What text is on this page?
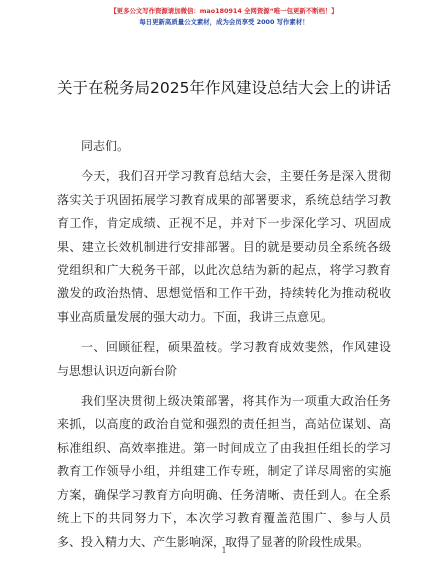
【更多公文写作资源请加微信：mao180914 全网资源“唯一包更新不断档！】
每日更新高质量公文素材，成为会员享受 2000 写作素材！
关于在税务局2025年作风建设总结大会上的讲话

同志们。

今天，我们召开学习教育总结大会，主要任务是深入贯彻落实关于巩固拓展学习教育成果的部署要求，系统总结学习教育工作，肯定成绩、正视不足，并对下一步深化学习、巩固成果、建立长效机制进行安排部署。目的就是要动员全系统各级党组织和广大税务干部，以此次总结为新的起点，将学习教育激发的政治热情、思想觉悟和工作干劲，持续转化为推动税收事业高质量发展的强大动力。下面，我讲三点意见。

一、回顾征程，硕果盈枝。学习教育成效斐然，作风建设与思想认识迈向新台阶

我们坚决贯彻上级决策部署，将其作为一项重大政治任务来抓，以高度的政治自觉和强烈的责任担当，高站位谋划、高标准组织、高效率推进。第一时间成立了由我担任组长的学习教育工作领导小组，并组建工作专班，制定了详尽周密的实施方案，确保学习教育方向明确、任务清晰、责任到人。在全系统上下的共同努力下，本次学习教育覆盖范围广、参与人员多、投入精力大、产生影响深，取得了显著的阶段性成果。

1
